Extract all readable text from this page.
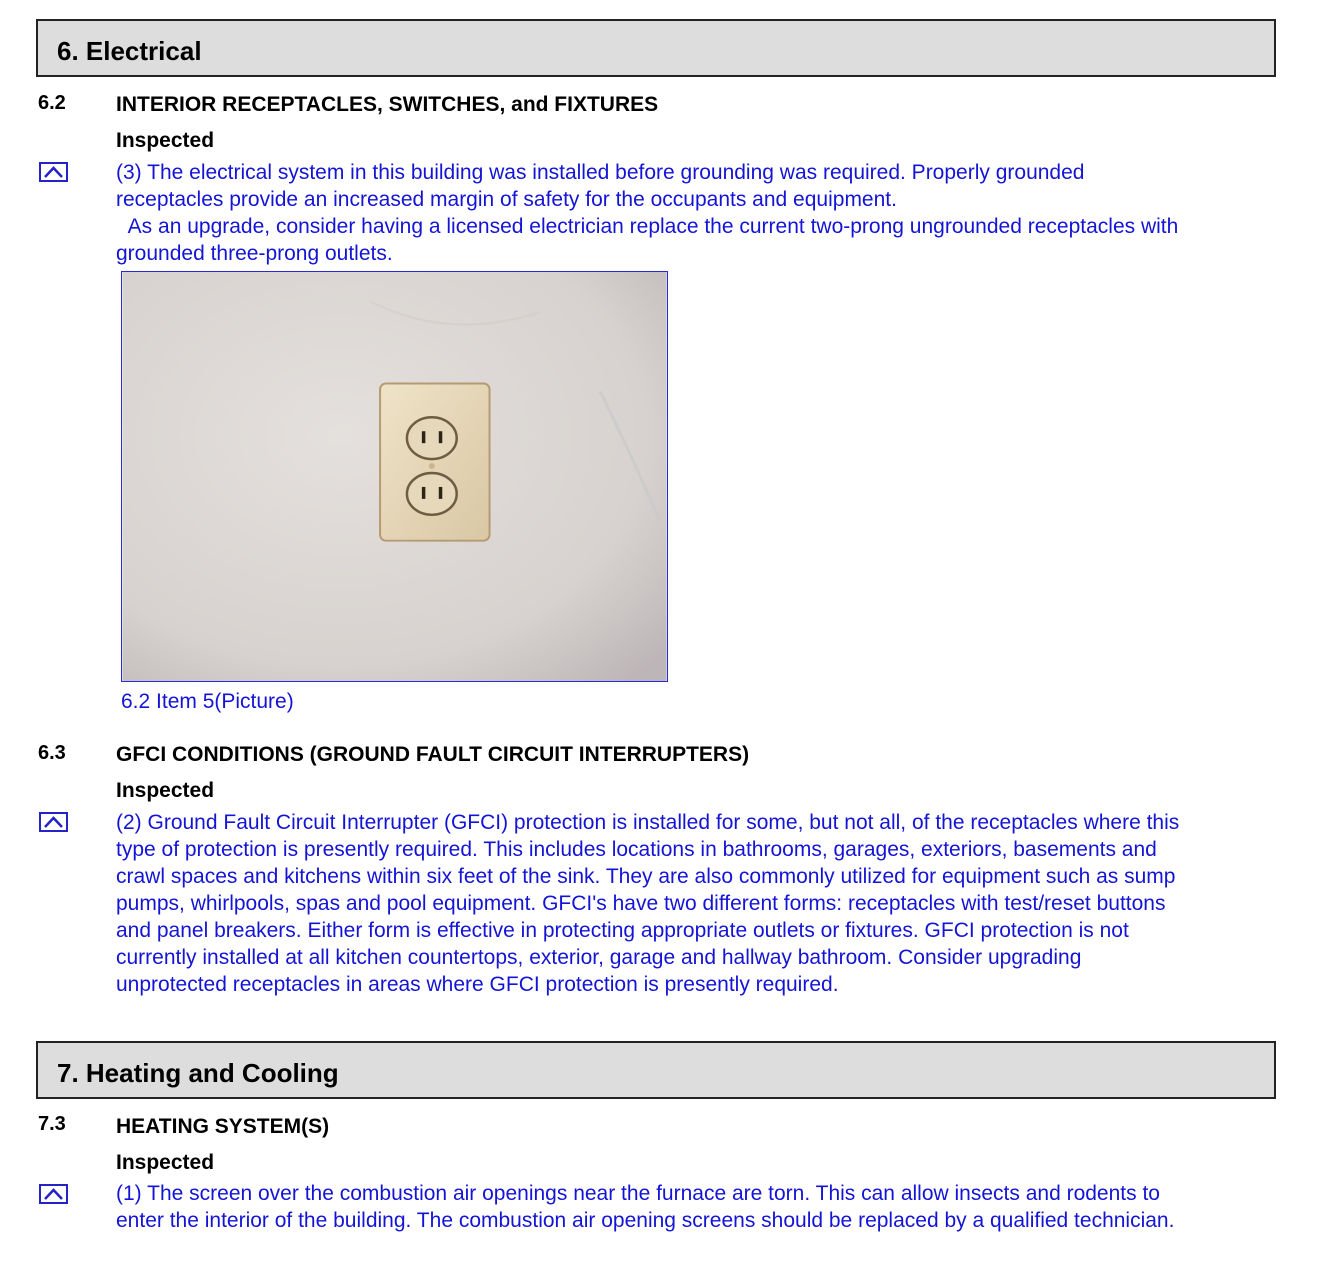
6. Electrical
6.2 INTERIOR RECEPTACLES, SWITCHES, and FIXTURES
Inspected
(3) The electrical system in this building was installed before grounding was required. Properly grounded
receptacles provide an increased margin of safety for the occupants and equipment.
As an upgrade, consider having a licensed electrician replace the current two-prong ungrounded receptacles with
grounded three-prong outlets.
6.2 Item 5(Picture)
6.3 GFCI CONDITIONS (GROUND FAULT CIRCUIT INTERRUPTERS)
Inspected
(2) Ground Fault Circuit Interrupter (GFCI) protection is installed for some, but not all, of the receptacles where this
type of protection is presently required. This includes locations in bathrooms, garages, exteriors, basements and
crawl spaces and kitchens within six feet of the sink. They are also commonly utilized for equipment such as sump
pumps, whirlpools, spas and pool equipment. GFCI's have two different forms: receptacles with test/reset buttons
and panel breakers. Either form is effective in protecting appropriate outlets or fixtures. GFCI protection is not
currently installed at all kitchen countertops, exterior, garage and hallway bathroom. Consider upgrading
unprotected receptacles in areas where GFCI protection is presently required.
7. Heating and Cooling
7.3 HEATING SYSTEM(S)
Inspected
(1) The screen over the combustion air openings near the furnace are torn. This can allow insects and rodents to
enter the interior of the building. The combustion air opening screens should be replaced by a qualified technician.
